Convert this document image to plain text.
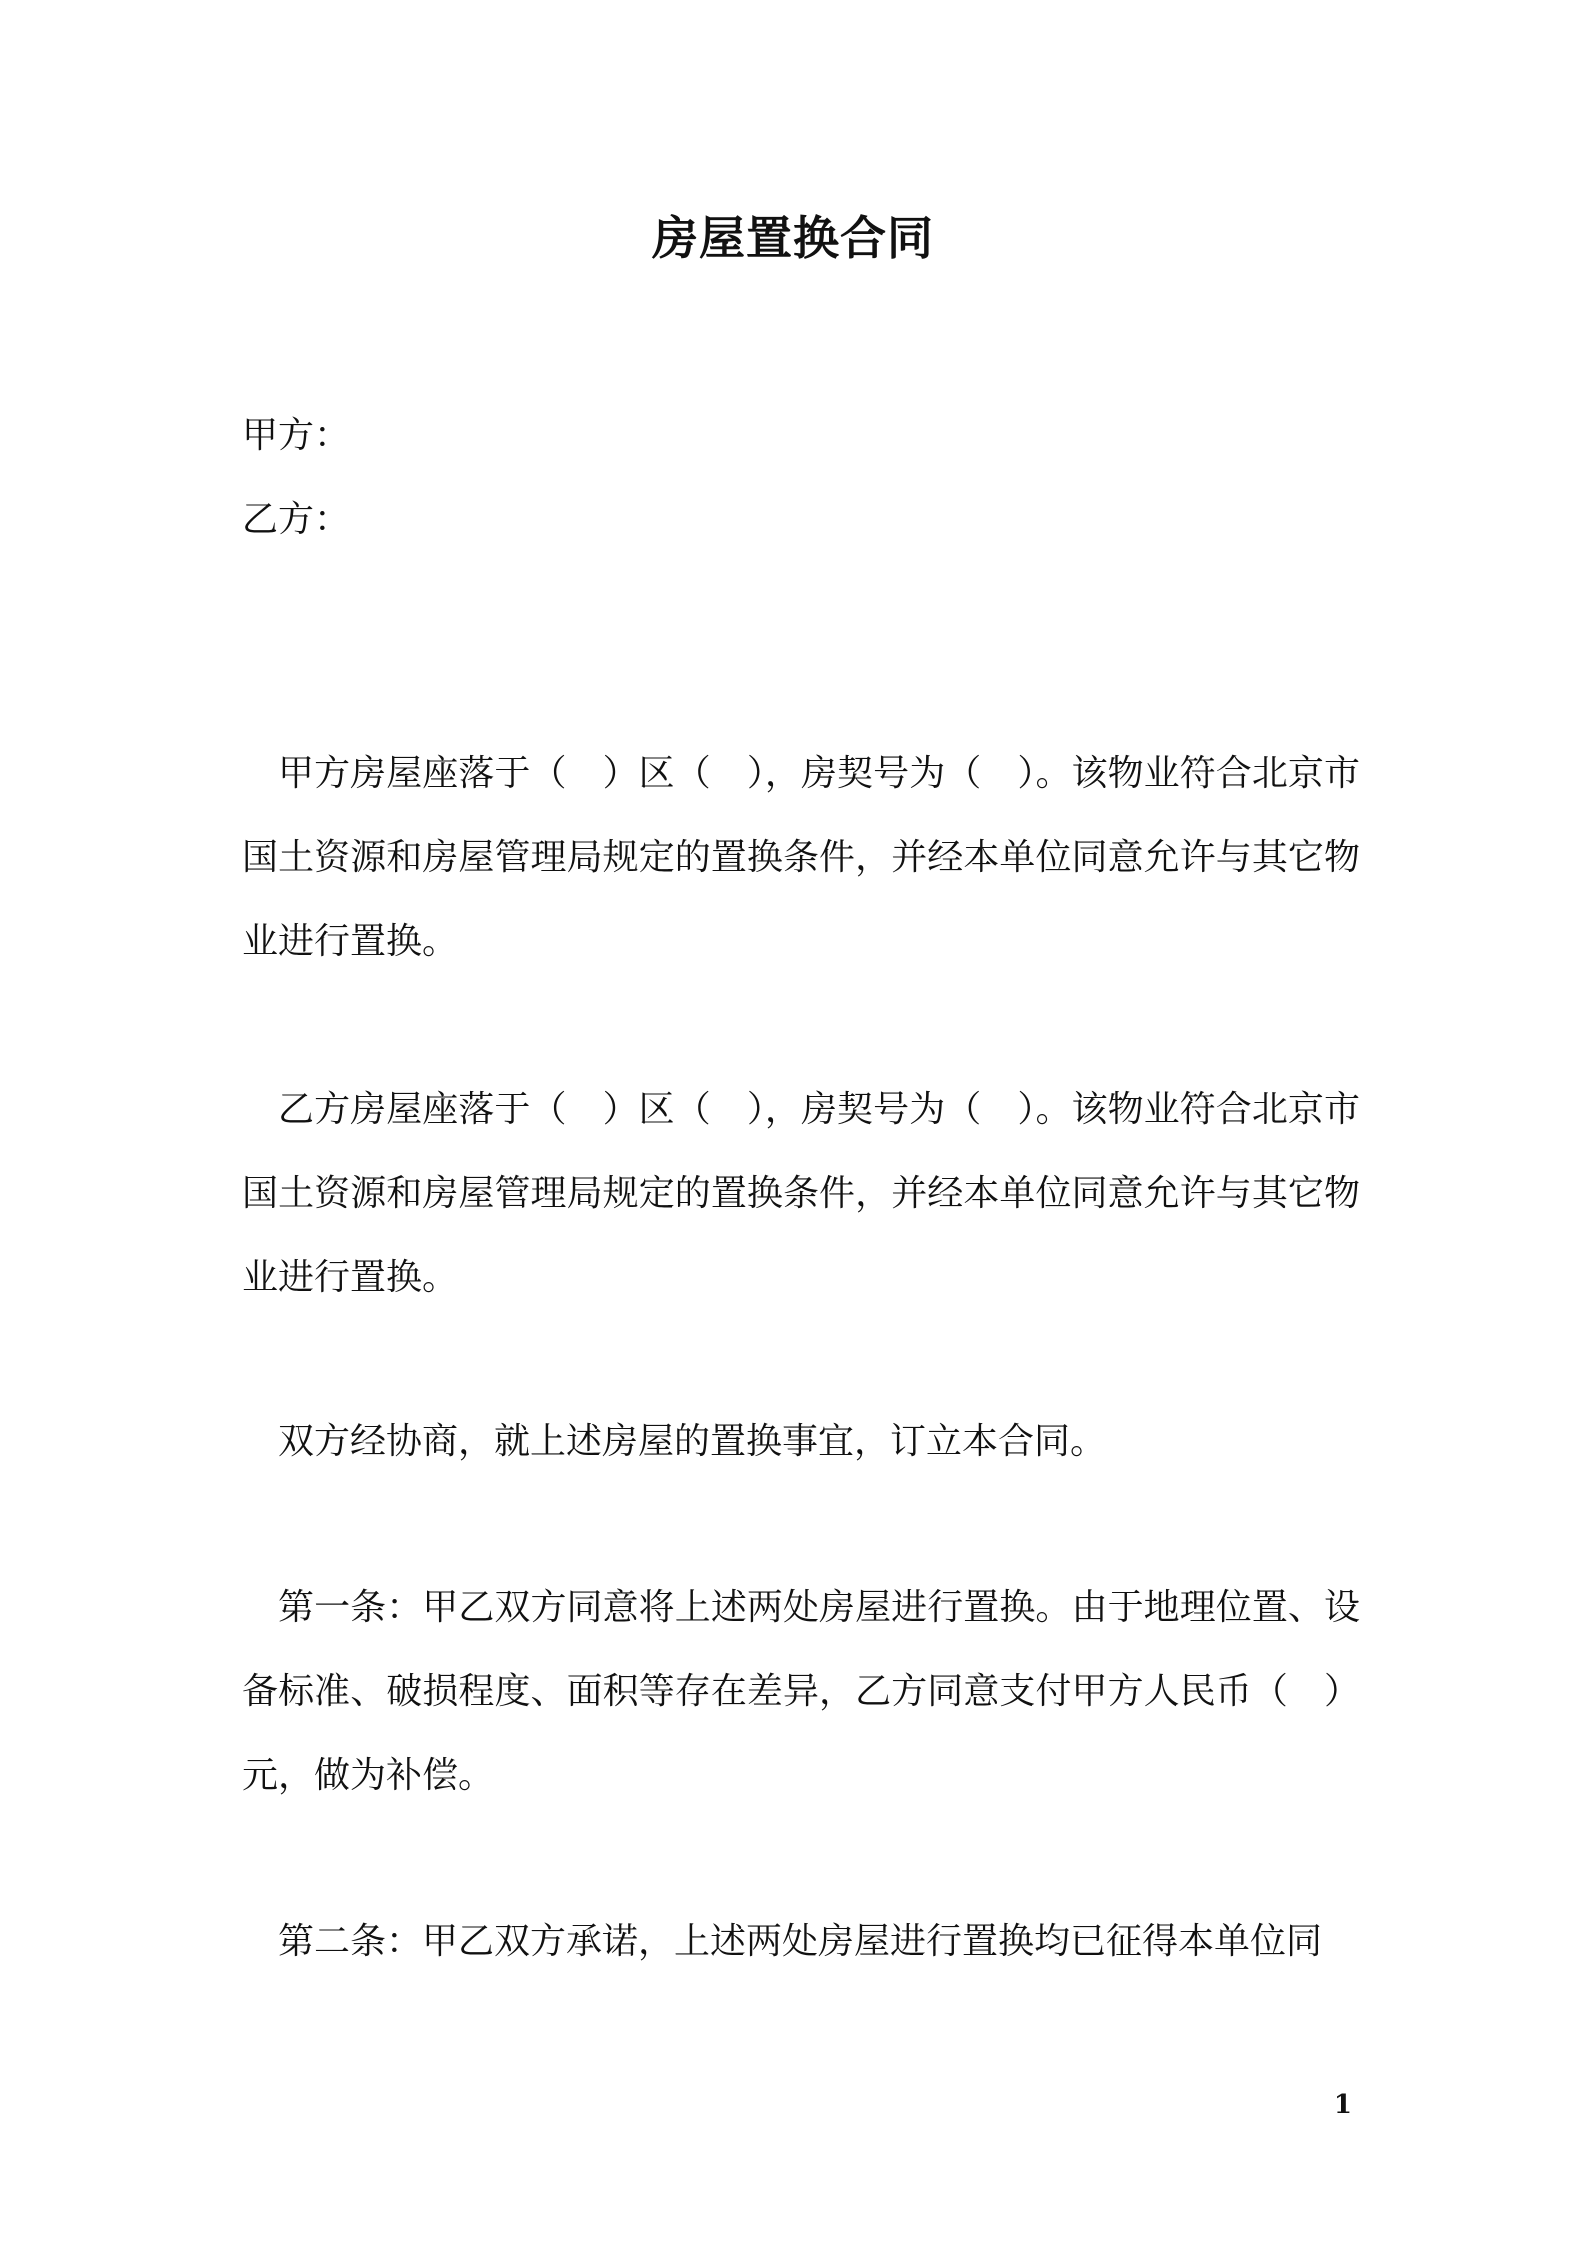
房屋置换合同
甲方：
乙方：

甲方房屋座落于（　）区（　），房契号为（　）。该物业符合北京市国土资源和房屋管理局规定的置换条件，并经本单位同意允许与其它物业进行置换。

乙方房屋座落于（　）区（　），房契号为（　）。该物业符合北京市国土资源和房屋管理局规定的置换条件，并经本单位同意允许与其它物业进行置换。

双方经协商，就上述房屋的置换事宜，订立本合同。

第一条：甲乙双方同意将上述两处房屋进行置换。由于地理位置、设备标准、破损程度、面积等存在差异，乙方同意支付甲方人民币（　）元，做为补偿。

第二条：甲乙双方承诺，上述两处房屋进行置换均已征得本单位同

1
